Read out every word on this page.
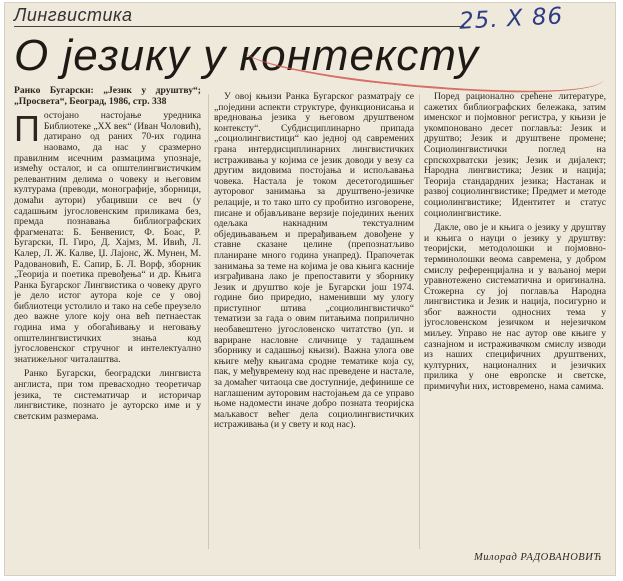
Лингвистика	25. X 86
О језику у контексту

Ранко Бугарски: „Језик у друштву“; „Просвета“, Београд, 1986, стр. 338

Постојано настојање уредника Библиотеке „XX век“ (Иван Чоловић), датирано од раних 70-их година наовамо, да нас у сразмерно правилним исечним размацима упознаје, измећу осталог, и са општелингвистичким релевантним делима о човеку и његовим културама (преводи, монографије, зборници, домаћи аутори) убацивши се веч (у садашњим југословенским приликама без, премда познавања библиографских фрагмената: Б. Бенвенист, Ф. Боас, Р. Бугарски, П. Гиро, Д. Хајмз, М. Ивић, Л. Калер, Л. Ж. Калве, Џ. Лајонс, Ж. Мунен, М. Радовановић, Е. Сапир, Б. Л. Ворф, зборник „Теорија и поетика превођења“ и др. Књига Ранка Бугарског Лингвистика о човеку друго је дело истог аутора које се у овој библиотеци устолило и тако на себе преузело део важне улоге коју она већ петнаестак година има у обогаћивању и неговању општелингвистичких знања код југословенског стручног и интелектуално знатижељног читалаштва.

Ранко Бугарски, београдски лингвиста англиста, при том превасходно теоретичар језика, те систематичар и историчар лингвистике, познато је ауторско име и у светским размерама.

У овој књизи Ранка Бугарског разматрају се „поједини аспекти структуре, функционисања и вредновања језика у његовом друштвеном контексту“. Субдисциплинарно припада „социолингвистици“ као једној од савремених грана интердисциплинарних лингвистичких истраживања у којима се језик доводи у везу са другим видовима постојања и испољавања човека. Настала је током десетогодишњег ауторовог занимања за друштвено-језичке релације, и то тако што су пробитно изговорене, писане и објављиване верзије појединих њених одељака накнадним текстуалним обједињавањем и прерађивањем довођене у ставне сказане целине (препознатљиво планиране много година унапред). Прапочетак занимања за теме на којима је ова књига касније изграђивана лако је препоставити у зборнику Језик и друштво које је Бугарски још 1974. године био приредио, наменивши му улогу приступног штива „социолингвистичко“ тематизи за гада о овим питањима поприлично необавештено југословенско читатство (уп. и вариране насловне сличнице у тадашњем зборнику и садашњој књизи). Важна улога ове књиге међу књигама сродне тематике која су, пак, у међувремену код нас преведене и настале, за домаћег читаоца све доступније, дефинише се наглашеним ауторовим настојањем да се управо њоме надомести иначе добро позната теоријска маљкавост већег дела социолингвистичких истраживања (и у свету и код нас).

Поред рационално срећене литературе, сажетих библиографских бележака, затим именског и појмовног регистра, у књизи је укомпоновано десет поглавља: Језик и друштво; Језик и друштвене промене; Социолингвистички поглед на српскохрватски језик; Језик и дијалект; Народна лингвистика; Језик и нација; Теорија стандардних језика; Настанак и развој социолингвистике; Предмет и методе социолингвистике; Идентитет и статус социолингвистике.

Дакле, ово је и књига о језику у друштву и књига о науци о језику у друштву: теоријски, методолошки и појмовно-терминолошки веома савремена, у добром смислу референцијална и у ваљаној мери уравнотежено систематична и оригинална. Стожерна су јој поглавља Народна лингвистика и Језик и нација, посигурно и због важности односних тема у југословенском језичком и нејезичком миљеу. Управо не нас аутор ове књиге у сазнајном и истраживачком смислу изводи из наших специфичних друштвених, културних, националних и језичких прилика у оне европске и светске, примичући них, истовремено, нама самима.

Милорад РАДОВАНОВИЋ
